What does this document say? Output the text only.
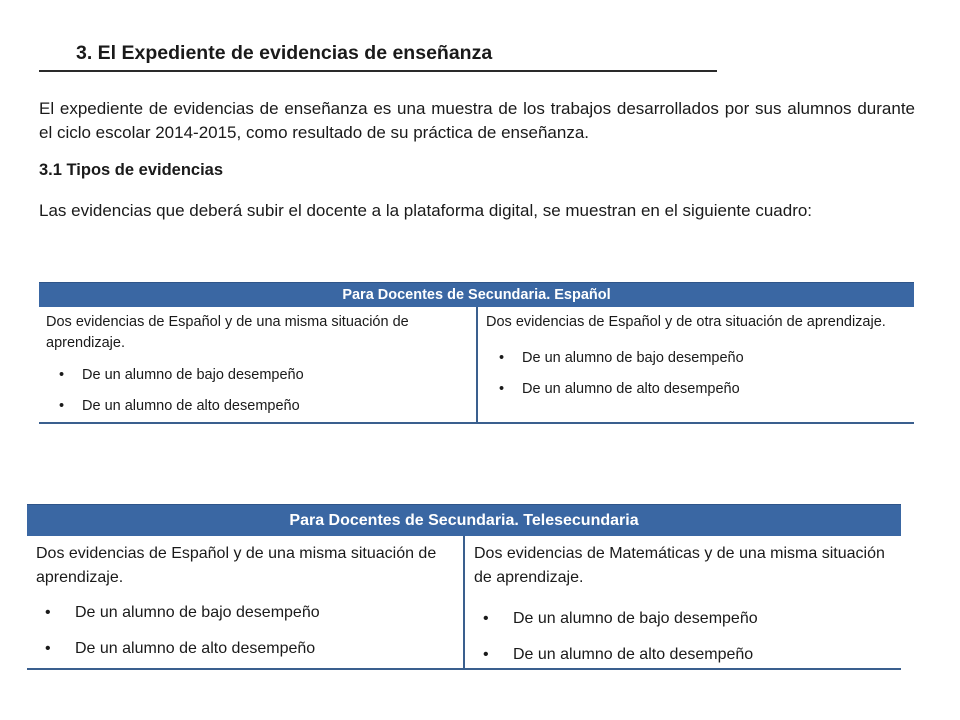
3. El Expediente de evidencias de enseñanza

El expediente de evidencias de enseñanza es una muestra de los trabajos desarrollados por sus alumnos durante el ciclo escolar 2014-2015, como resultado de su práctica de enseñanza.

3.1 Tipos de evidencias
Las evidencias que deberá subir el docente a la plataforma digital, se muestran en el siguiente cuadro:
Para Docentes de Secundaria. Español

Dos evidencias de Español y de una misma situación de aprendizaje.

• De un alumno de bajo desempeño
• De un alumno de alto desempeño

Dos evidencias de Español y de otra situación de aprendizaje.

• De un alumno de bajo desempeño
• De un alumno de alto desempeño
Para Docentes de Secundaria. Telesecundaria

Dos evidencias de Español y de una misma situación de aprendizaje.

• De un alumno de bajo desempeño
• De un alumno de alto desempeño

Dos evidencias de Matemáticas y de una misma situación de aprendizaje.

• De un alumno de bajo desempeño
• De un alumno de alto desempeño
